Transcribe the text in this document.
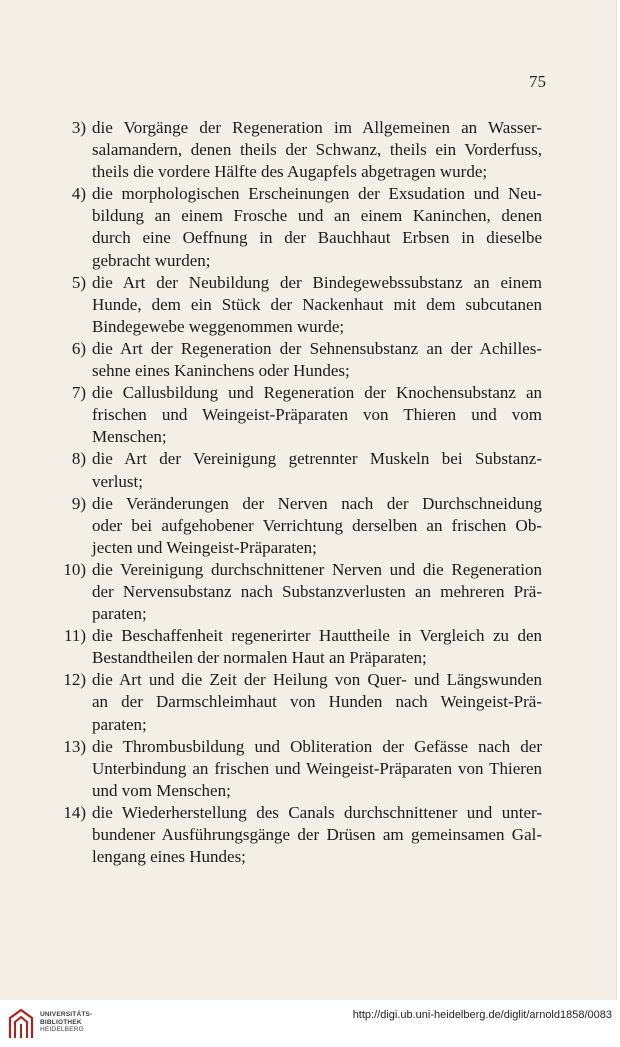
75
3) die Vorgänge der Regeneration im Allgemeinen an Wasser-
salamandern, denen theils der Schwanz, theils ein Vorderfuss,
theils die vordere Hälfte des Augapfels abgetragen wurde;
4) die morphologischen Erscheinungen der Exsudation und Neu-
bildung an einem Frosche und an einem Kaninchen, denen
durch eine Oeffnung in der Bauchhaut Erbsen in dieselbe
gebracht wurden;
5) die Art der Neubildung der Bindegewebssubstanz an einem
Hunde, dem ein Stück der Nackenhaut mit dem subcutanen
Bindegewebe weggenommen wurde;
6) die Art der Regeneration der Sehnensubstanz an der Achilles-
sehne eines Kaninchens oder Hundes;
7) die Callusbildung und Regeneration der Knochensubstanz an
frischen und Weingeist-Präparaten von Thieren und vom
Menschen;
8) die Art der Vereinigung getrennter Muskeln bei Substanz-
verlust;
9) die Veränderungen der Nerven nach der Durchschneidung
oder bei aufgehobener Verrichtung derselben an frischen Ob-
jecten und Weingeist-Präparaten;
10) die Vereinigung durchschnittener Nerven und die Regeneration
der Nervensubstanz nach Substanzverlusten an mehreren Prä-
paraten;
11) die Beschaffenheit regenerirter Hauttheile in Vergleich zu den
Bestandtheilen der normalen Haut an Präparaten;
12) die Art und die Zeit der Heilung von Quer- und Längswunden
an der Darmschleimhaut von Hunden nach Weingeist-Prä-
paraten;
13) die Thrombusbildung und Obliteration der Gefässe nach der
Unterbindung an frischen und Weingeist-Präparaten von Thieren
und vom Menschen;
14) die Wiederherstellung des Canals durchschnittener und unter-
bundener Ausführungsgänge der Drüsen am gemeinsamen Gal-
lengang eines Hundes;
UNIVERSITÄTS-
BIBLIOTHEK
HEIDELBERG
http://digi.ub.uni-heidelberg.de/diglit/arnold1858/0083
